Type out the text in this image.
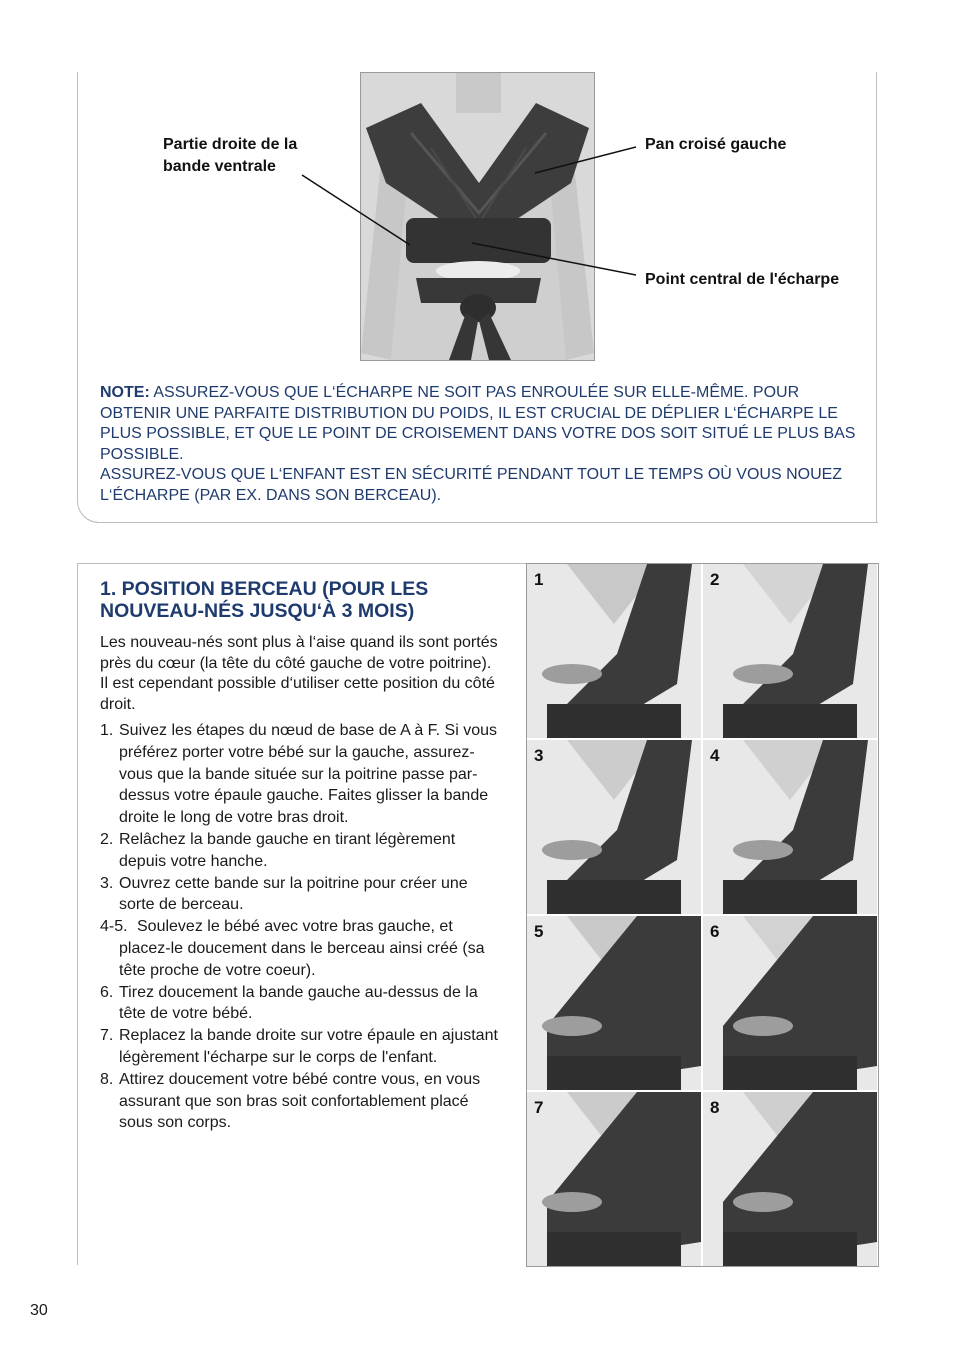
Partie droite de la bande ventrale
Pan croisé gauche
Point central de l'écharpe
NOTE: ASSUREZ-VOUS QUE L‘ÉCHARPE NE SOIT PAS ENROULÉE SUR ELLE-MÊME. POUR OBTENIR UNE PARFAITE DISTRIBUTION DU POIDS, IL EST CRUCIAL DE DÉPLIER L‘ÉCHARPE LE PLUS POSSIBLE, ET QUE LE POINT DE CROISEMENT DANS VOTRE DOS SOIT SITUÉ LE PLUS BAS POSSIBLE.
ASSUREZ-VOUS QUE L‘ENFANT EST EN SÉCURITÉ PENDANT TOUT LE TEMPS OÙ VOUS NOUEZ L‘ÉCHARPE (PAR EX. DANS SON BERCEAU).
1. POSITION BERCEAU (POUR LES NOUVEAU-NÉS JUSQU‘À 3 MOIS)
Les nouveau-nés sont plus à l‘aise quand ils sont portés près du cœur (la tête du côté gauche de votre poitrine). Il est cependant possible d‘utiliser cette position du côté droit.
1. Suivez les étapes du nœud de base de A à F. Si vous préférez porter votre bébé sur la gauche, assurez-vous que la bande située sur la poitrine passe par-dessus votre épaule gauche. Faites glisser la bande droite le long de votre bras droit.
2. Relâchez la bande gauche en tirant légèrement depuis votre hanche.
3. Ouvrez cette bande sur la poitrine pour créer une sorte de berceau.
4-5. Soulevez le bébé avec votre bras gauche, et placez-le doucement dans le berceau ainsi créé (sa tête proche de votre coeur).
6. Tirez doucement la bande gauche au-dessus de la tête de votre bébé.
7. Replacez la bande droite sur votre épaule en ajustant légèrement l'écharpe sur le corps de l'enfant.
8. Attirez doucement votre bébé contre vous, en vous assurant que son bras soit confortablement placé sous son corps.
1	2
3	4
5	6
7	8
30
